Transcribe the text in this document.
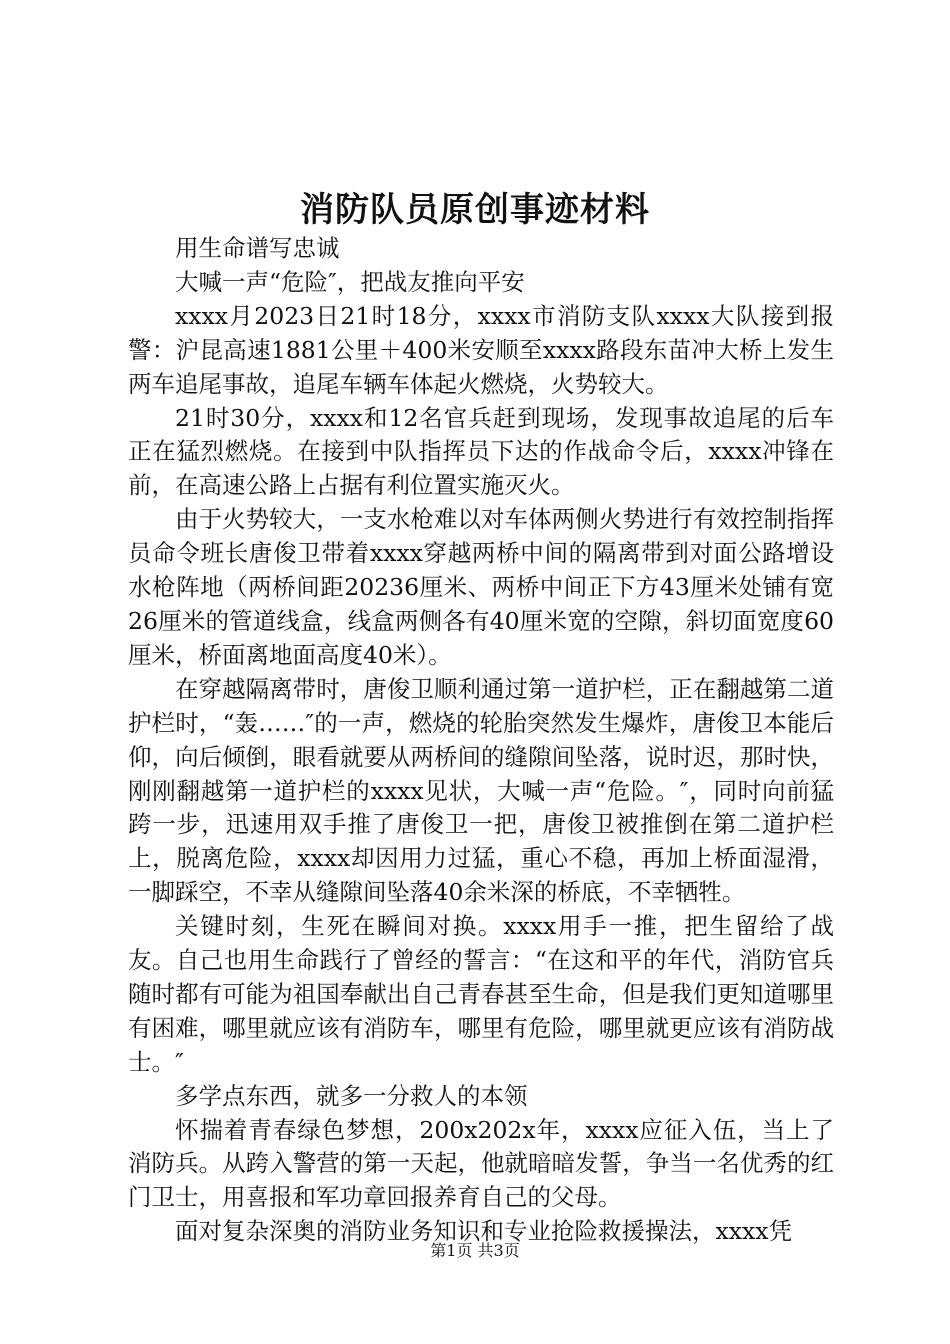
消防队员原创事迹材料

用生命谱写忠诚

大喊一声“危险″，把战友推向平安

xxxx月2023日21时18分，xxxx市消防支队xxxx大队接到报警：沪昆高速1881公里＋400米安顺至xxxx路段东苗冲大桥上发生两车追尾事故，追尾车辆车体起火燃烧，火势较大。

21时30分，xxxx和12名官兵赶到现场，发现事故追尾的后车正在猛烈燃烧。在接到中队指挥员下达的作战命令后，xxxx冲锋在前，在高速公路上占据有利位置实施灭火。

由于火势较大，一支水枪难以对车体两侧火势进行有效控制指挥员命令班长唐俊卫带着xxxx穿越两桥中间的隔离带到对面公路增设水枪阵地（两桥间距20236厘米、两桥中间正下方43厘米处铺有宽26厘米的管道线盒，线盒两侧各有40厘米宽的空隙，斜切面宽度60厘米，桥面离地面高度40米）。

在穿越隔离带时，唐俊卫顺利通过第一道护栏，正在翻越第二道护栏时，“轰……″的一声，燃烧的轮胎突然发生爆炸，唐俊卫本能后仰，向后倾倒，眼看就要从两桥间的缝隙间坠落，说时迟，那时快，刚刚翻越第一道护栏的xxxx见状，大喊一声“危险。″，同时向前猛跨一步，迅速用双手推了唐俊卫一把，唐俊卫被推倒在第二道护栏上，脱离危险，xxxx却因用力过猛，重心不稳，再加上桥面湿滑，一脚踩空，不幸从缝隙间坠落40余米深的桥底，不幸牺牲。

关键时刻，生死在瞬间对换。xxxx用手一推，把生留给了战友。自己也用生命践行了曾经的誓言：“在这和平的年代，消防官兵随时都有可能为祖国奉献出自己青春甚至生命，但是我们更知道哪里有困难，哪里就应该有消防车，哪里有危险，哪里就更应该有消防战士。″

多学点东西，就多一分救人的本领

怀揣着青春绿色梦想，200x202x年，xxxx应征入伍，当上了消防兵。从跨入警营的第一天起，他就暗暗发誓，争当一名优秀的红门卫士，用喜报和军功章回报养育自己的父母。

面对复杂深奥的消防业务知识和专业抢险救援操法，xxxx凭

第1页 共3页
